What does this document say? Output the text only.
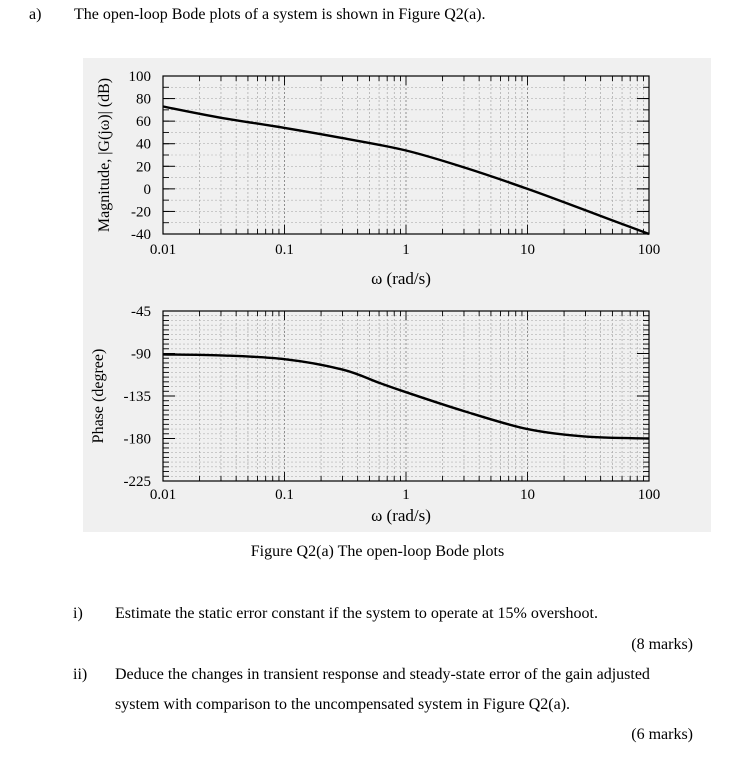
a) The open-loop Bode plots of a system is shown in Figure Q2(a).
100
80
60
40
20
0
-20
-40
0.01	0.1	1	10	100
Magnitude, |G(jω)| (dB)
ω (rad/s)
-45
-90
-135
-180
-225
0.01	0.1	1	10	100
Phase (degree)
ω (rad/s)
Figure Q2(a) The open-loop Bode plots
i) Estimate the static error constant if the system to operate at 15% overshoot.
(8 marks)
ii) Deduce the changes in transient response and steady-state error of the gain adjusted
system with comparison to the uncompensated system in Figure Q2(a).
(6 marks)
